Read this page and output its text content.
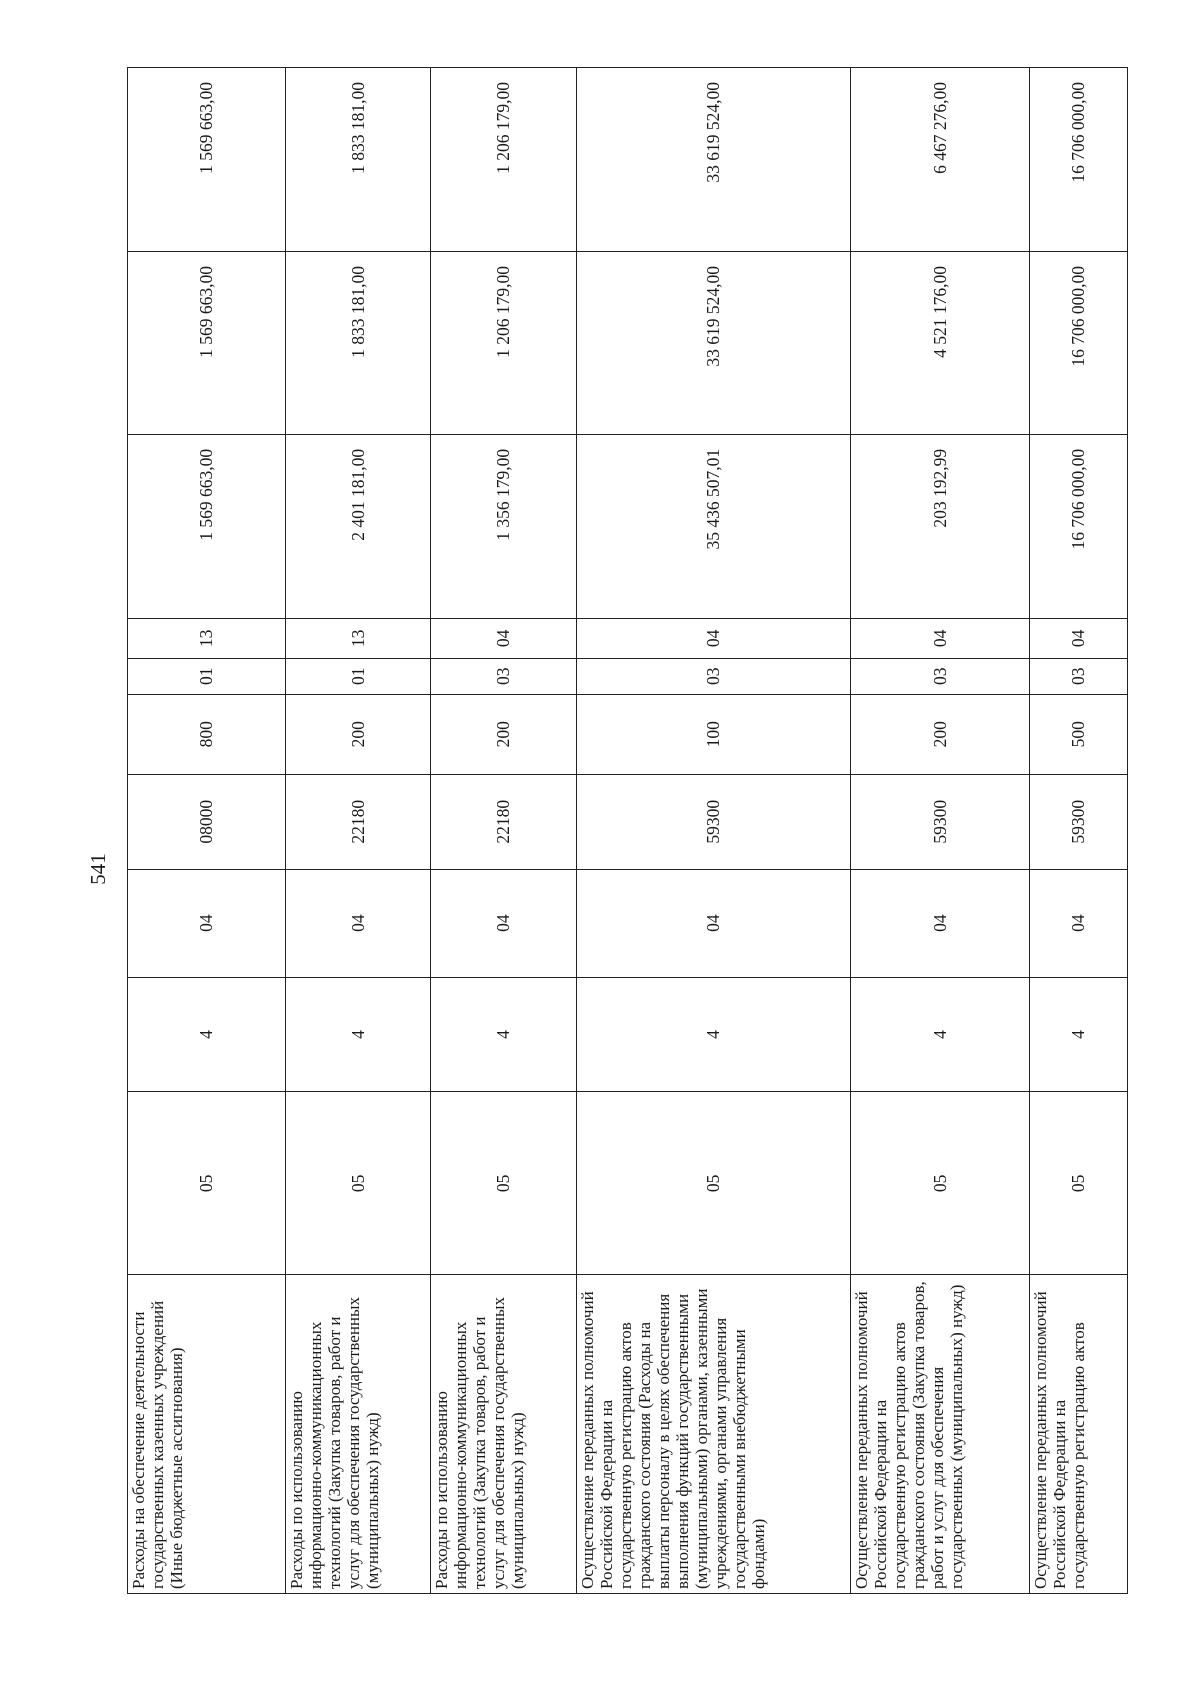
541
Расходы на обеспечение деятельности государственных казенных учреждений (Иные бюджетные ассигнования)	05	4	04	08000	800	01	13	1 569 663,00	1 569 663,00	1 569 663,00
Расходы по использованию информационно-коммуникационных технологий (Закупка товаров, работ и услуг для обеспечения государственных (муниципальных) нужд)	05	4	04	22180	200	01	13	2 401 181,00	1 833 181,00	1 833 181,00
Расходы по использованию информационно-коммуникационных технологий (Закупка товаров, работ и услуг для обеспечения государственных (муниципальных) нужд)	05	4	04	22180	200	03	04	1 356 179,00	1 206 179,00	1 206 179,00
Осуществление переданных полномочий Российской Федерации на государственную регистрацию актов гражданского состояния (Расходы на выплаты персоналу в целях обеспечения выполнения функций государственными (муниципальными) органами, казенными учреждениями, органами управления государственными внебюджетными фондами)	05	4	04	59300	100	03	04	35 436 507,01	33 619 524,00	33 619 524,00
Осуществление переданных полномочий Российской Федерации на государственную регистрацию актов гражданского состояния (Закупка товаров, работ и услуг для обеспечения государственных (муниципальных) нужд)	05	4	04	59300	200	03	04	203 192,99	4 521 176,00	6 467 276,00
Осуществление переданных полномочий Российской Федерации на государственную регистрацию актов	05	4	04	59300	500	03	04	16 706 000,00	16 706 000,00	16 706 000,00
